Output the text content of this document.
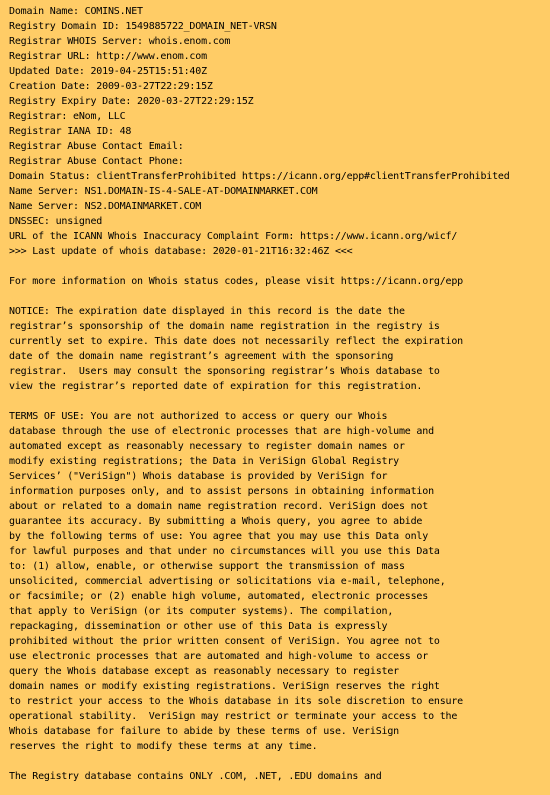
Domain Name: COMINS.NET
Registry Domain ID: 1549885722_DOMAIN_NET-VRSN
Registrar WHOIS Server: whois.enom.com
Registrar URL: http://www.enom.com
Updated Date: 2019-04-25T15:51:40Z
Creation Date: 2009-03-27T22:29:15Z
Registry Expiry Date: 2020-03-27T22:29:15Z
Registrar: eNom, LLC
Registrar IANA ID: 48
Registrar Abuse Contact Email:
Registrar Abuse Contact Phone:
Domain Status: clientTransferProhibited https://icann.org/epp#clientTransferProhibited
Name Server: NS1.DOMAIN-IS-4-SALE-AT-DOMAINMARKET.COM
Name Server: NS2.DOMAINMARKET.COM
DNSSEC: unsigned
URL of the ICANN Whois Inaccuracy Complaint Form: https://www.icann.org/wicf/
>>> Last update of whois database: 2020-01-21T16:32:46Z <<<
For more information on Whois status codes, please visit https://icann.org/epp
NOTICE: The expiration date displayed in this record is the date the
registrar’s sponsorship of the domain name registration in the registry is
currently set to expire. This date does not necessarily reflect the expiration
date of the domain name registrant’s agreement with the sponsoring
registrar.  Users may consult the sponsoring registrar’s Whois database to
view the registrar’s reported date of expiration for this registration.
TERMS OF USE: You are not authorized to access or query our Whois
database through the use of electronic processes that are high-volume and
automated except as reasonably necessary to register domain names or
modify existing registrations; the Data in VeriSign Global Registry
Services’ ("VeriSign") Whois database is provided by VeriSign for
information purposes only, and to assist persons in obtaining information
about or related to a domain name registration record. VeriSign does not
guarantee its accuracy. By submitting a Whois query, you agree to abide
by the following terms of use: You agree that you may use this Data only
for lawful purposes and that under no circumstances will you use this Data
to: (1) allow, enable, or otherwise support the transmission of mass
unsolicited, commercial advertising or solicitations via e-mail, telephone,
or facsimile; or (2) enable high volume, automated, electronic processes
that apply to VeriSign (or its computer systems). The compilation,
repackaging, dissemination or other use of this Data is expressly
prohibited without the prior written consent of VeriSign. You agree not to
use electronic processes that are automated and high-volume to access or
query the Whois database except as reasonably necessary to register
domain names or modify existing registrations. VeriSign reserves the right
to restrict your access to the Whois database in its sole discretion to ensure
operational stability.  VeriSign may restrict or terminate your access to the
Whois database for failure to abide by these terms of use. VeriSign
reserves the right to modify these terms at any time.
The Registry database contains ONLY .COM, .NET, .EDU domains and
